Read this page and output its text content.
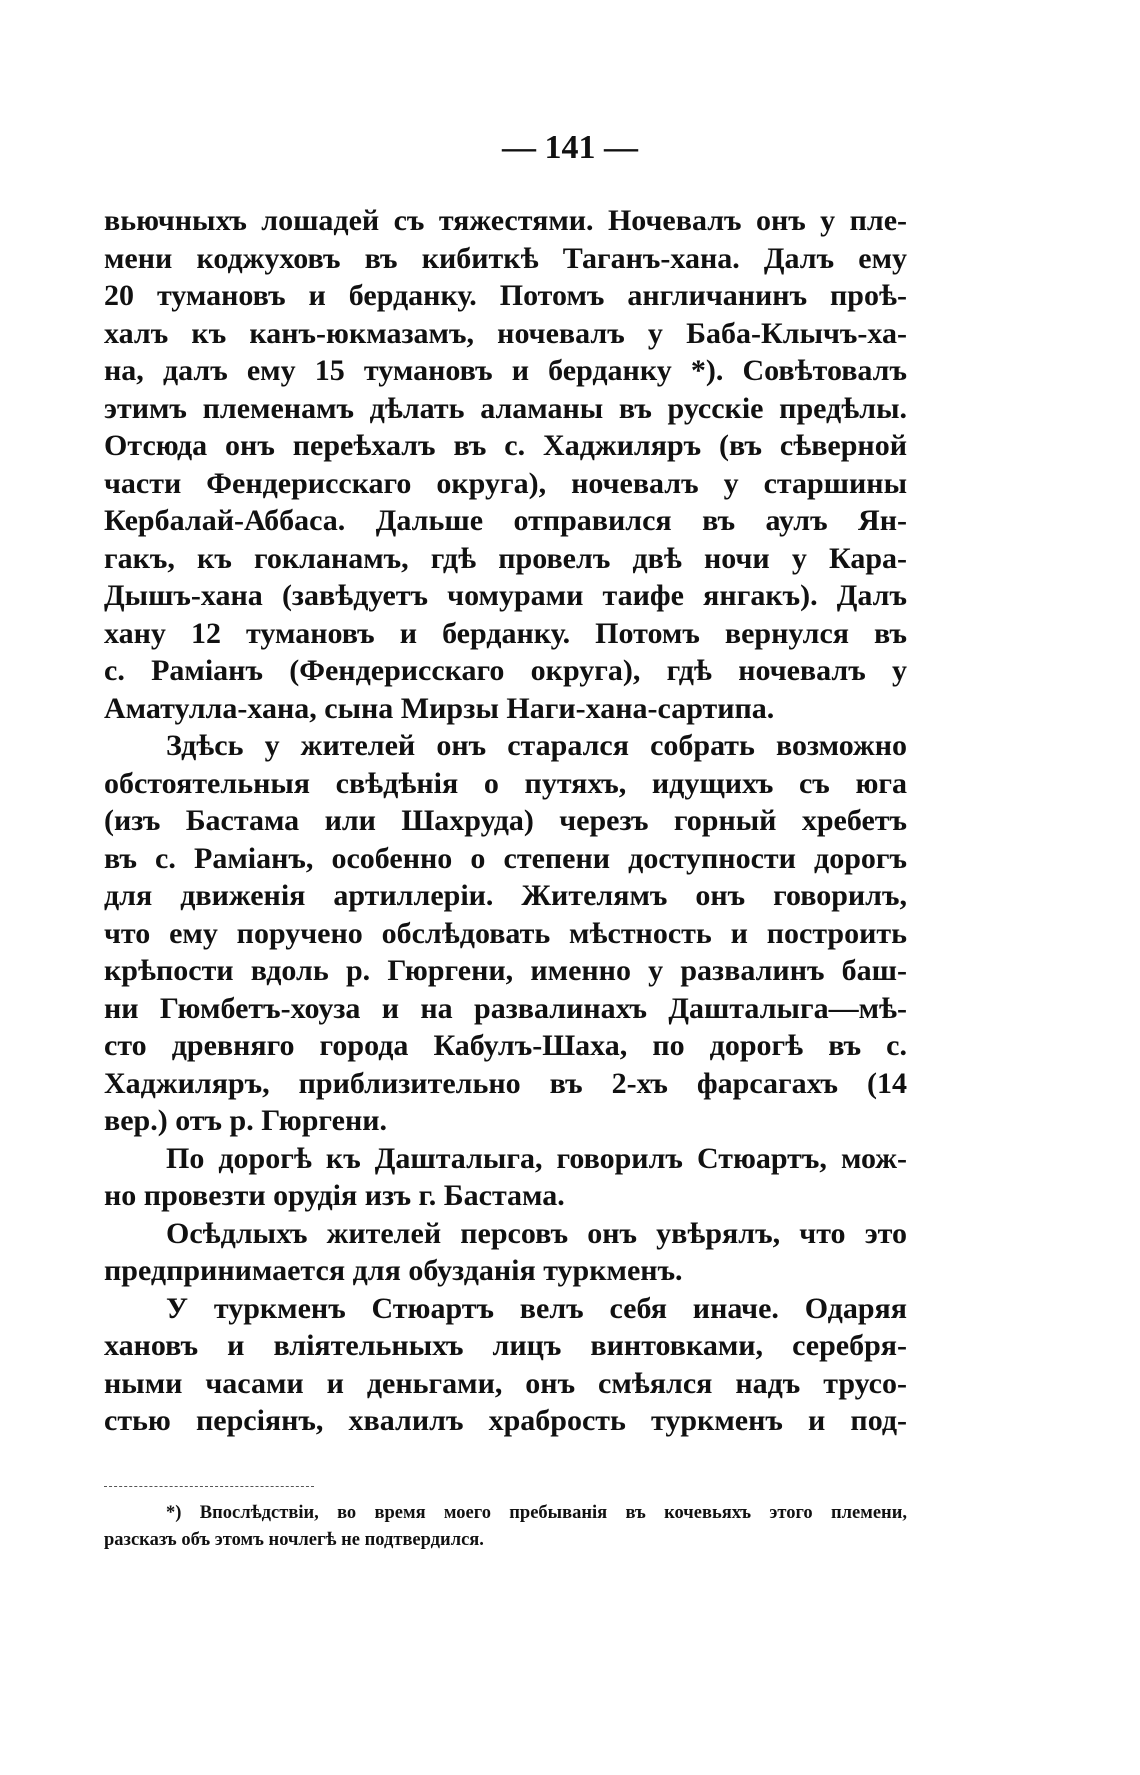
— 141 —

вьючныхъ лошадей съ тяжестями. Ночевалъ онъ у пле-

мени коджуховъ въ кибиткѣ Таганъ-хана. Далъ ему

20 тумановъ и берданку. Потомъ англичанинъ проѣ-

халъ къ канъ-юкмазамъ, ночевалъ у Баба-Клычъ-ха-

на, далъ ему 15 тумановъ и берданку *). Совѣтовалъ

этимъ племенамъ дѣлать аламаны въ русскіе предѣлы.

Отсюда онъ переѣхалъ въ с. Хаджиляръ (въ сѣверной

части Фендерисскаго округа), ночевалъ у старшины

Кербалай-Аббаса. Дальше отправился въ аулъ Ян-

гакъ, къ гокланамъ, гдѣ провелъ двѣ ночи у Кара-

Дышъ-хана (завѣдуетъ чомурами таифе янгакъ). Далъ

хану 12 тумановъ и берданку. Потомъ вернулся въ

с. Раміанъ (Фендерисскаго округа), гдѣ ночевалъ у

Аматулла-хана, сына Мирзы Наги-хана-сартипа.

Здѣсь у жителей онъ старался собрать возможно

обстоятельныя свѣдѣнія о путяхъ, идущихъ съ юга

(изъ Бастама или Шахруда) черезъ горный хребетъ

въ с. Раміанъ, особенно о степени доступности дорогъ

для движенія артиллеріи. Жителямъ онъ говорилъ,

что ему поручено обслѣдовать мѣстность и построить

крѣпости вдоль р. Гюргени, именно у развалинъ баш-

ни Гюмбетъ-хоуза и на развалинахъ Дашталыга—мѣ-

сто древняго города Кабулъ-Шаха, по дорогѣ въ с.

Хаджиляръ, приблизительно въ 2-хъ фарсагахъ (14

вер.) отъ р. Гюргени.

По дорогѣ къ Дашталыга, говорилъ Стюартъ, мож-

но провезти орудія изъ г. Бастама.

Осѣдлыхъ жителей персовъ онъ увѣрялъ, что это

предпринимается для обузданія туркменъ.

У туркменъ Стюартъ велъ себя иначе. Одаряя

хановъ и вліятельныхъ лицъ винтовками, серебря-

ными часами и деньгами, онъ смѣялся надъ трусо-

стью персіянъ, хвалилъ храбрость туркменъ и под-

*) Впослѣдствіи, во время моего пребыванія въ кочевьяхъ этого племени,

разсказъ объ этомъ ночлегѣ не подтвердился.
